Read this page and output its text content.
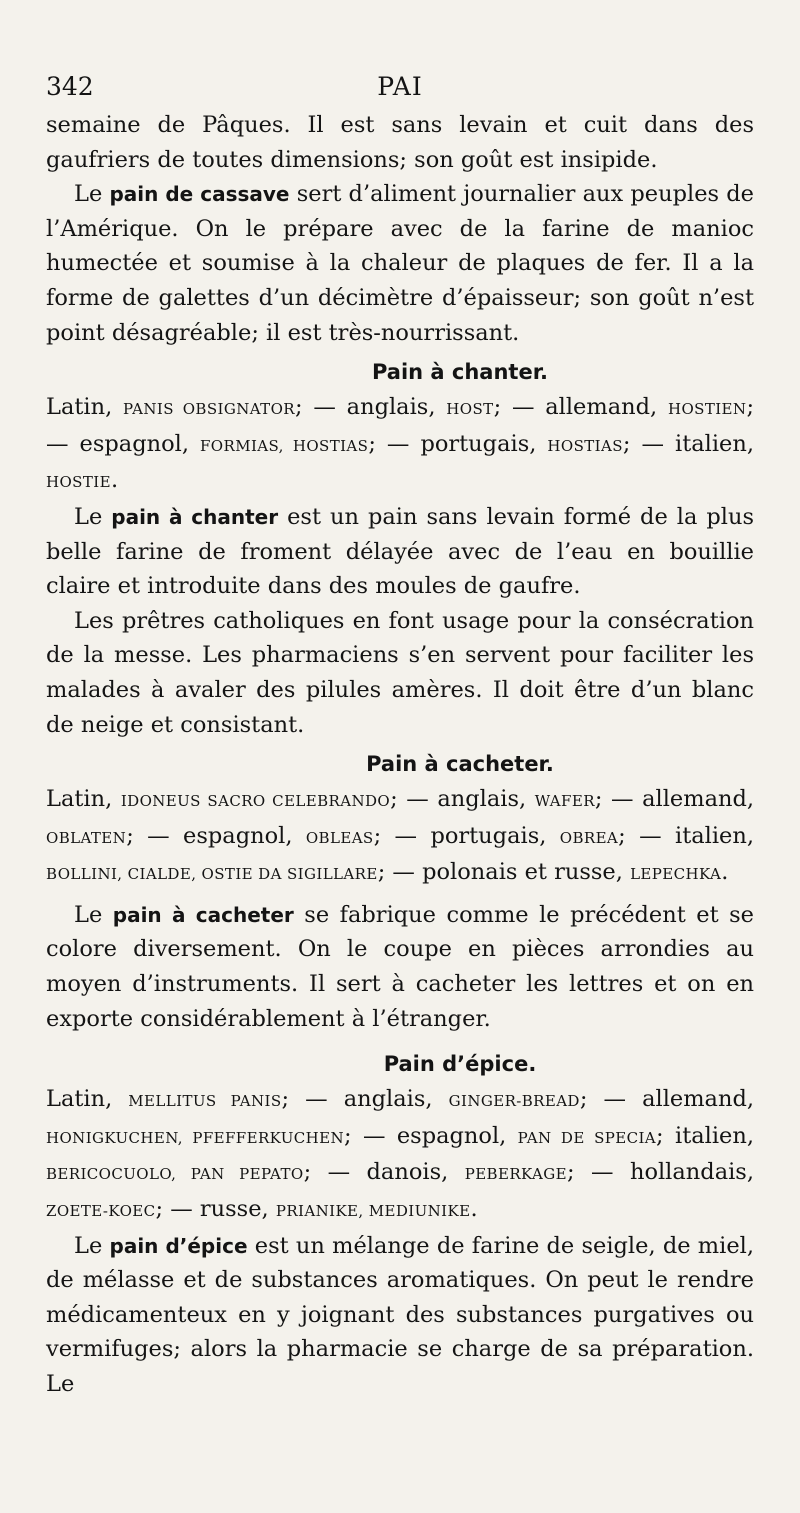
342	PAI

semaine de Pâques. Il est sans levain et cuit dans des gaufriers de toutes dimensions; son goût est insipide.

Le pain de cassave sert d’aliment journalier aux peuples de l’Amérique. On le prépare avec de la farine de manioc humectée et soumise à la chaleur de plaques de fer. Il a la forme de galettes d’un décimètre d’épaisseur; son goût n’est point désagréable; il est très-nourrissant.

Pain à chanter.

Latin, PANIS OBSIGNATOR; — anglais, HOST; — allemand, HOSTIEN; — espagnol, FORMIAS, HOSTIAS; — portugais, HOSTIAS; — italien, HOSTIE.

Le pain à chanter est un pain sans levain formé de la plus belle farine de froment délayée avec de l’eau en bouillie claire et introduite dans des moules de gaufre.

Les prêtres catholiques en font usage pour la consécration de la messe. Les pharmaciens s’en servent pour faciliter les malades à avaler des pilules amères. Il doit être d’un blanc de neige et consistant.

Pain à cacheter.

Latin, IDONEUS SACRO CELEBRANDO; — anglais, WAFER; — allemand, OBLATEN; — espagnol, OBLEAS; — portugais, OBREA; — italien, BOLLINI, CIALDE, OSTIE DA SIGILLARE; — polonais et russe, LEPECHKA.

Le pain à cacheter se fabrique comme le précédent et se colore diversement. On le coupe en pièces arrondies au moyen d’instruments. Il sert à cacheter les lettres et on en exporte considérablement à l’étranger.

Pain d’épice.

Latin, MELLITUS PANIS; — anglais, GINGER-BREAD; — allemand, HONIGKUCHEN, PFEFFERKUCHEN; — espagnol, PAN DE SPECIA; italien, BERICOCUOLO, PAN PEPATO; — danois, PEBERKAGE; — hollandais, ZOETE-KOEC; — russe, PRIANIKE, MEDIUNIKE.

Le pain d’épice est un mélange de farine de seigle, de miel, de mélasse et de substances aromatiques. On peut le rendre médicamenteux en y joignant des substances purgatives ou vermifuges; alors la pharmacie se charge de sa préparation. Le
